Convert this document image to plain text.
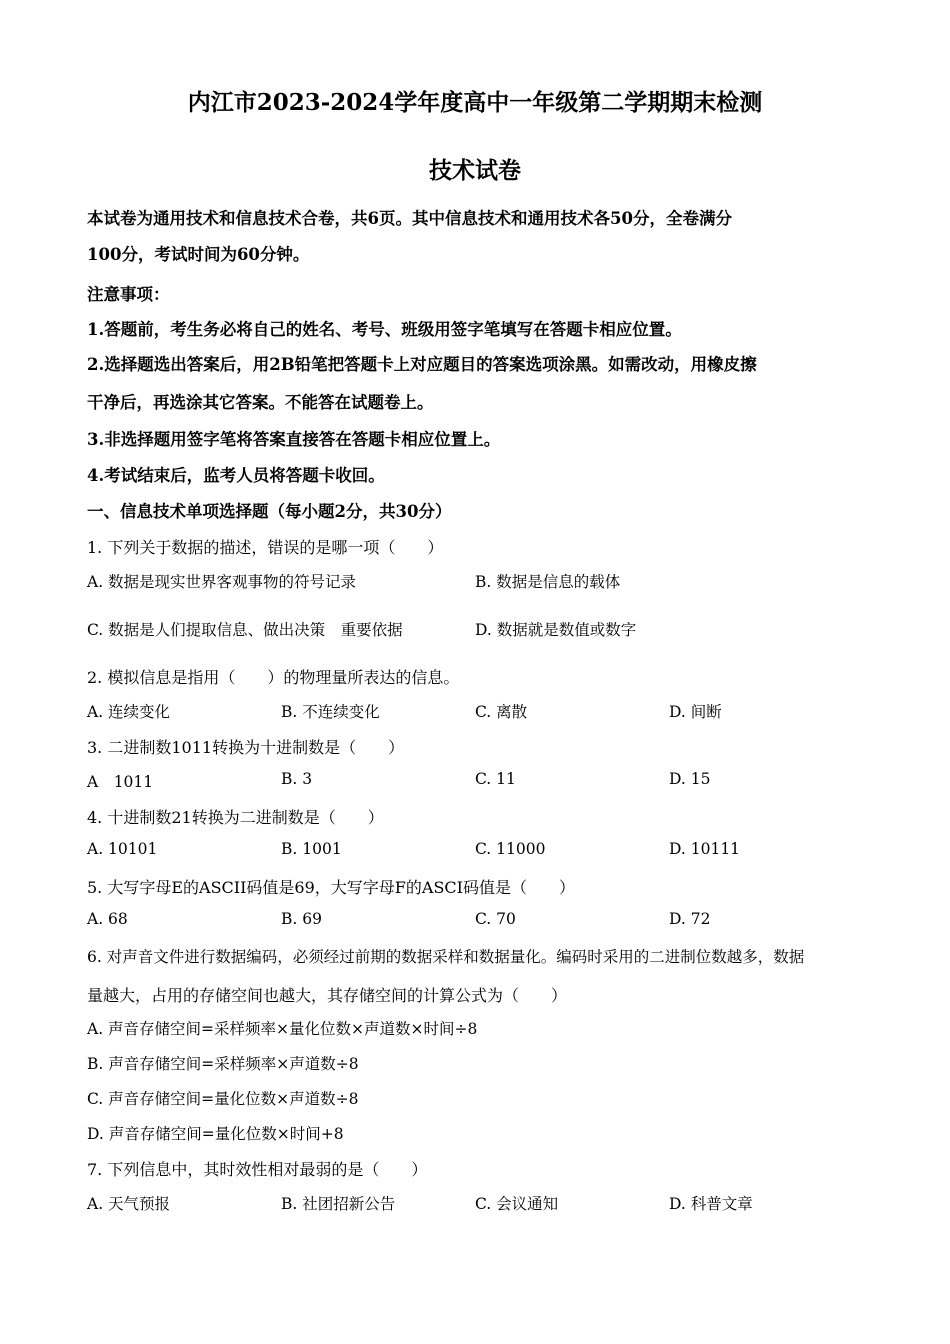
内江市2023-2024学年度高中一年级第二学期期末检测
技术试卷
本试卷为通用技术和信息技术合卷，共6页。其中信息技术和通用技术各50分，全卷满分
100分，考试时间为60分钟。
注意事项：
1.答题前，考生务必将自己的姓名、考号、班级用签字笔填写在答题卡相应位置。
2.选择题选出答案后，用2B铅笔把答题卡上对应题目的答案选项涂黑。如需改动，用橡皮擦
干净后，再选涂其它答案。不能答在试题卷上。
3.非选择题用签字笔将答案直接答在答题卡相应位置上。
4.考试结束后，监考人员将答题卡收回。
一、信息技术单项选择题（每小题2分，共30分）
1. 下列关于数据的描述，错误的是哪一项（　　）
A. 数据是现实世界客观事物的符号记录	B. 数据是信息的载体
C. 数据是人们提取信息、做出决策　重要依据	D. 数据就是数值或数字
2. 模拟信息是指用（　　）的物理量所表达的信息。
A. 连续变化	B. 不连续变化	C. 离散	D. 间断
3. 二进制数1011转换为十进制数是（　　）
A　1011	B. 3	C. 11	D. 15
4. 十进制数21转换为二进制数是（　　）
A. 10101	B. 1001	C. 11000	D. 10111
5. 大写字母E的ASCII码值是69，大写字母F的ASCI码值是（　　）
A. 68	B. 69	C. 70	D. 72
6. 对声音文件进行数据编码，必须经过前期的数据采样和数据量化。编码时采用的二进制位数越多，数据
量越大，占用的存储空间也越大，其存储空间的计算公式为（　　）
A. 声音存储空间=采样频率×量化位数×声道数×时间÷8
B. 声音存储空间=采样频率×声道数÷8
C. 声音存储空间=量化位数×声道数÷8
D. 声音存储空间=量化位数×时间+8
7. 下列信息中，其时效性相对最弱的是（　　）
A. 天气预报	B. 社团招新公告	C. 会议通知	D. 科普文章
